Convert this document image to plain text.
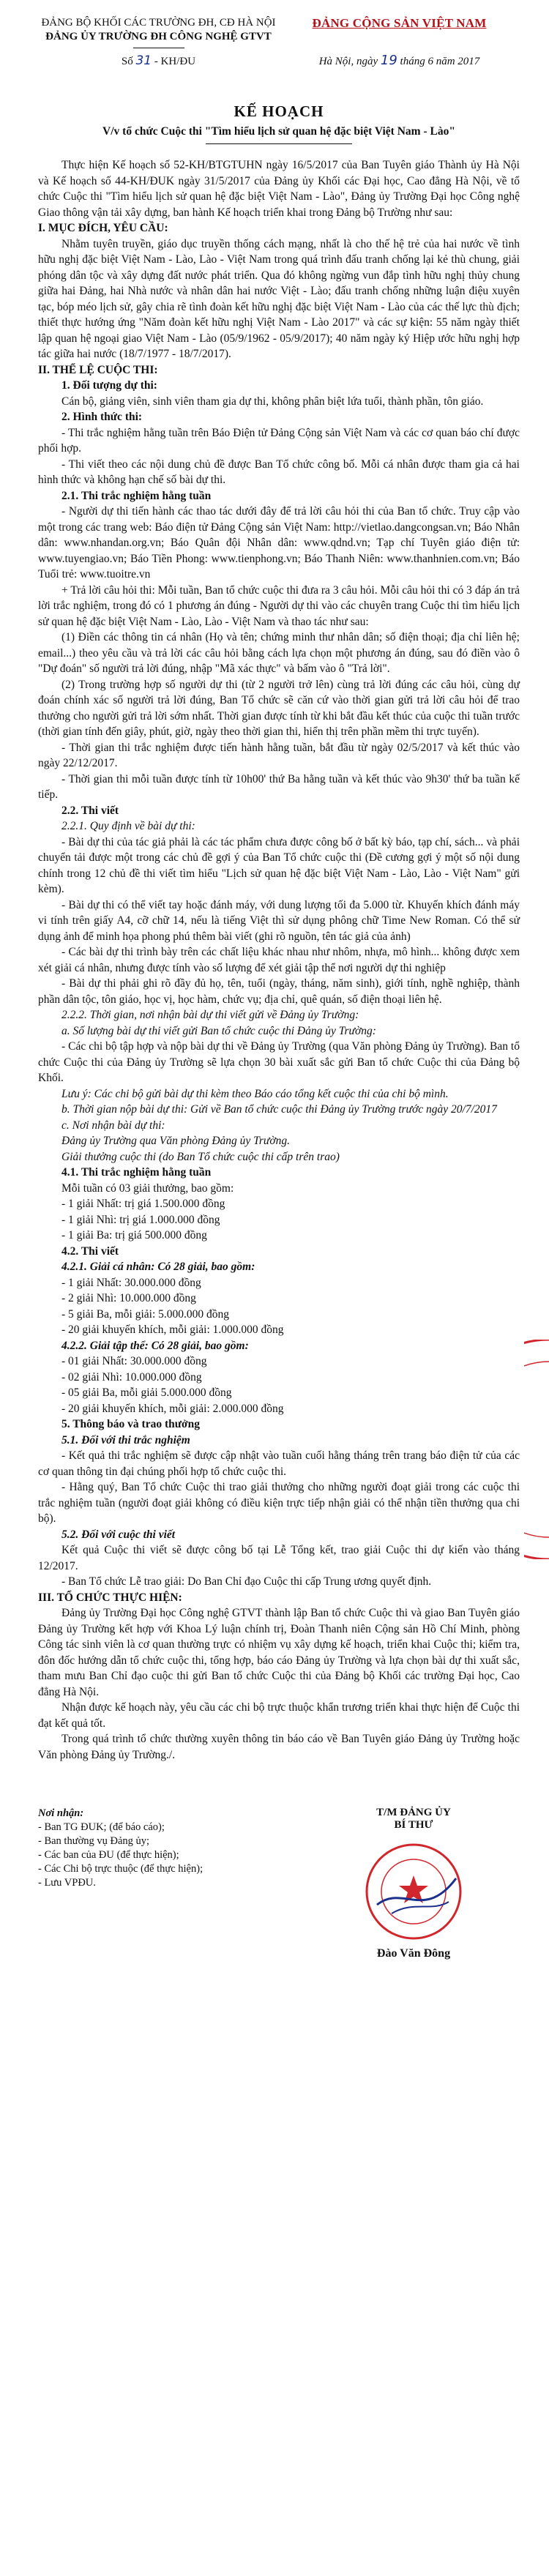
ĐẢNG BỘ KHỐI CÁC TRƯỜNG ĐH, CĐ HÀ NỘI
ĐẢNG ỦY TRƯỜNG ĐH CÔNG NGHỆ GTVT
Số 31 - KH/ĐU
ĐẢNG CỘNG SẢN VIỆT NAM
Hà Nội, ngày 19 tháng 6 năm 2017
KẾ HOẠCH
V/v tổ chức Cuộc thi "Tìm hiểu lịch sử quan hệ đặc biệt Việt Nam - Lào"

Thực hiện Kế hoạch số 52-KH/BTGTUHN ngày 16/5/2017 của Ban Tuyên giáo Thành ủy Hà Nội và Kế hoạch số 44-KH/ĐUK ngày 31/5/2017 của Đảng ủy Khối các Đại học, Cao đẳng Hà Nội, về tổ chức Cuộc thi "Tìm hiểu lịch sử quan hệ đặc biệt Việt Nam - Lào", Đảng ủy Trường Đại học Công nghệ Giao thông vận tải xây dựng, ban hành Kế hoạch triển khai trong Đảng bộ Trường như sau:

I. MỤC ĐÍCH, YÊU CẦU:

Nhằm tuyên truyền, giáo dục truyền thống cách mạng, nhất là cho thế hệ trẻ của hai nước về tình hữu nghị đặc biệt Việt Nam - Lào, Lào - Việt Nam trong quá trình đấu tranh chống lại kẻ thù chung, giải phóng dân tộc và xây dựng đất nước phát triển. Qua đó không ngừng vun đắp tình hữu nghị thủy chung giữa hai Đảng, hai Nhà nước và nhân dân hai nước Việt - Lào; đấu tranh chống những luận điệu xuyên tạc, bóp méo lịch sử, gây chia rẽ tình đoàn kết hữu nghị đặc biệt Việt Nam - Lào của các thế lực thù địch; thiết thực hướng ứng "Năm đoàn kết hữu nghị Việt Nam - Lào 2017" và các sự kiện: 55 năm ngày thiết lập quan hệ ngoại giao Việt Nam - Lào (05/9/1962 - 05/9/2017); 40 năm ngày ký Hiệp ước hữu nghị hợp tác giữa hai nước (18/7/1977 - 18/7/2017).

II. THỂ LỆ CUỘC THI:

1. Đối tượng dự thi:

Cán bộ, giảng viên, sinh viên tham gia dự thi, không phân biệt lứa tuổi, thành phần, tôn giáo.

2. Hình thức thi:

- Thi trắc nghiệm hằng tuần trên Báo Điện tử Đảng Cộng sản Việt Nam và các cơ quan báo chí được phối hợp.

- Thi viết theo các nội dung chủ đề được Ban Tổ chức công bố. Mỗi cá nhân được tham gia cả hai hình thức và không hạn chế số bài dự thi.

2.1. Thi trắc nghiệm hằng tuần

- Người dự thi tiến hành các thao tác dưới đây để trả lời câu hỏi thi của Ban tổ chức. Truy cập vào một trong các trang web: Báo điện tử Đảng Cộng sản Việt Nam: http://vietlao.dangcongsan.vn; Báo Nhân dân: www.nhandan.org.vn; Báo Quân đội Nhân dân: www.qdnd.vn; Tạp chí Tuyên giáo điện tử: www.tuyengiao.vn; Báo Tiền Phong: www.tienphong.vn; Báo Thanh Niên: www.thanhnien.com.vn; Báo Tuổi trẻ: www.tuoitre.vn

+ Trả lời câu hỏi thi: Mỗi tuần, Ban tổ chức cuộc thi đưa ra 3 câu hỏi. Mỗi câu hỏi thi có 3 đáp án trả lời trắc nghiệm, trong đó có 1 phương án đúng - Người dự thi vào các chuyên trang Cuộc thi tìm hiểu lịch sử quan hệ đặc biệt Việt Nam - Lào, Lào - Việt Nam và thao tác như sau:

(1) Điền các thông tin cá nhân (Họ và tên; chứng minh thư nhân dân; số điện thoại; địa chỉ liên hệ; email...) theo yêu cầu và trả lời các câu hỏi bằng cách lựa chọn một phương án đúng, sau đó điền vào ô "Dự đoán" số người trả lời đúng, nhập "Mã xác thực" và bấm vào ô "Trả lời".

(2) Trong trường hợp số người dự thi (từ 2 người trở lên) cùng trả lời đúng các câu hỏi, cùng dự đoán chính xác số người trả lời đúng, Ban Tổ chức sẽ căn cứ vào thời gian gửi trả lời câu hỏi để trao thưởng cho người gửi trả lời sớm nhất. Thời gian được tính từ khi bắt đầu kết thúc của cuộc thi tuần trước (thời gian tính đến giây, phút, giờ, ngày theo thời gian thi, hiển thị trên phần mềm thi trực tuyến).

- Thời gian thi trắc nghiệm được tiến hành hằng tuần, bắt đầu từ ngày 02/5/2017 và kết thúc vào ngày 22/12/2017.

- Thời gian thi mỗi tuần được tính từ 10h00' thứ Ba hằng tuần và kết thúc vào 9h30' thứ ba tuần kế tiếp.

2.2. Thi viết

2.2.1. Quy định về bài dự thi:

- Bài dự thi của tác giả phải là các tác phẩm chưa được công bố ở bất kỳ báo, tạp chí, sách... và phải chuyển tải được một trong các chủ đề gợi ý của Ban Tổ chức cuộc thi (Đề cương gợi ý một số nội dung chính trong 12 chủ đề thi viết tìm hiểu "Lịch sử quan hệ đặc biệt Việt Nam - Lào, Lào - Việt Nam" gửi kèm).

- Bài dự thi có thể viết tay hoặc đánh máy, với dung lượng tối đa 5.000 từ. Khuyến khích đánh máy vi tính trên giấy A4, cỡ chữ 14, nếu là tiếng Việt thì sử dụng phông chữ Time New Roman. Có thể sử dụng ảnh để minh họa phong phú thêm bài viết (ghi rõ nguồn, tên tác giả của ảnh)

- Các bài dự thi trình bày trên các chất liệu khác nhau như nhôm, nhựa, mô hình... không được xem xét giải cá nhân, nhưng được tính vào số lượng để xét giải tập thể nơi người dự thi nghiệp

- Bài dự thi phải ghi rõ đầy đủ họ, tên, tuổi (ngày, tháng, năm sinh), giới tính, nghề nghiệp, thành phần dân tộc, tôn giáo, học vị, học hàm, chức vụ; địa chỉ, quê quán, số điện thoại liên hệ.

2.2.2. Thời gian, nơi nhận bài dự thi viết gửi về Đảng ủy Trường:

a. Số lượng bài dự thi viết gửi Ban tổ chức cuộc thi Đảng ủy Trường:

- Các chi bộ tập hợp và nộp bài dự thi về Đảng ủy Trường (qua Văn phòng Đảng ủy Trường). Ban tổ chức Cuộc thi của Đảng ủy Trường sẽ lựa chọn 30 bài xuất sắc gửi Ban tổ chức Cuộc thi của Đảng bộ Khối.

Lưu ý: Các chi bộ gửi bài dự thi kèm theo Báo cáo tổng kết cuộc thi của chi bộ mình.

b. Thời gian nộp bài dự thi: Gửi về Ban tổ chức cuộc thi Đảng ủy Trường trước ngày 20/7/2017

c. Nơi nhận bài dự thi:

Đảng ủy Trường qua Văn phòng Đảng ủy Trường.

Giải thưởng cuộc thi (do Ban Tổ chức cuộc thi cấp trên trao)

4.1. Thi trắc nghiệm hằng tuần

Mỗi tuần có 03 giải thưởng, bao gồm:

- 1 giải Nhất: trị giá 1.500.000 đồng

- 1 giải Nhì: trị giá 1.000.000 đồng

- 1 giải Ba: trị giá 500.000 đồng

4.2. Thi viết

4.2.1. Giải cá nhân: Có 28 giải, bao gồm:

- 1 giải Nhất: 30.000.000 đồng

- 2 giải Nhì: 10.000.000 đồng

- 5 giải Ba, mỗi giải: 5.000.000 đồng

- 20 giải khuyến khích, mỗi giải: 1.000.000 đồng

4.2.2. Giải tập thể: Có 28 giải, bao gồm:

- 01 giải Nhất: 30.000.000 đồng

- 02 giải Nhì: 10.000.000 đồng

- 05 giải Ba, mỗi giải 5.000.000 đồng

- 20 giải khuyến khích, mỗi giải: 2.000.000 đồng

5. Thông báo và trao thưởng

5.1. Đối với thi trắc nghiệm

- Kết quả thi trắc nghiệm sẽ được cập nhật vào tuần cuối hằng tháng trên trang báo điện tử của các cơ quan thông tin đại chúng phối hợp tổ chức cuộc thi.

- Hằng quý, Ban Tổ chức Cuộc thi trao giải thưởng cho những người đoạt giải trong các cuộc thi trắc nghiệm tuần (người đoạt giải không có điều kiện trực tiếp nhận giải có thể nhận tiền thưởng qua chi bộ).

5.2. Đối với cuộc thi viết

Kết quả Cuộc thi viết sẽ được công bố tại Lễ Tổng kết, trao giải Cuộc thi dự kiến vào tháng 12/2017.

- Ban Tổ chức Lễ trao giải: Do Ban Chỉ đạo Cuộc thi cấp Trung ương quyết định.

III. TỔ CHỨC THỰC HIỆN:

Đảng ủy Trường Đại học Công nghệ GTVT thành lập Ban tổ chức Cuộc thi và giao Ban Tuyên giáo Đảng ủy Trường kết hợp với Khoa Lý luận chính trị, Đoàn Thanh niên Cộng sản Hồ Chí Minh, phòng Công tác sinh viên là cơ quan thường trực có nhiệm vụ xây dựng kế hoạch, triển khai Cuộc thi; kiểm tra, đôn đốc hướng dẫn tổ chức cuộc thi, tổng hợp, báo cáo Đảng ủy Trường và lựa chọn bài dự thi xuất sắc, tham mưu Ban Chỉ đạo cuộc thi gửi Ban tổ chức Cuộc thi của Đảng bộ Khối các trường Đại học, Cao đẳng Hà Nội.

Nhận được kế hoạch này, yêu cầu các chi bộ trực thuộc khẩn trương triển khai thực hiện để Cuộc thi đạt kết quả tốt.

Trong quá trình tổ chức thường xuyên thông tin báo cáo về Ban Tuyên giáo Đảng ủy Trường hoặc Văn phòng Đảng ủy Trường./.

Nơi nhận:
- Ban TG ĐUK; (để báo cáo);
- Ban thường vụ Đảng ủy;
- Các ban của ĐU (để thực hiện);
- Các Chi bộ trực thuộc (để thực hiện);
- Lưu VPĐU.
T/M ĐẢNG ỦY
BÍ THƯ
Đào Văn Đông
